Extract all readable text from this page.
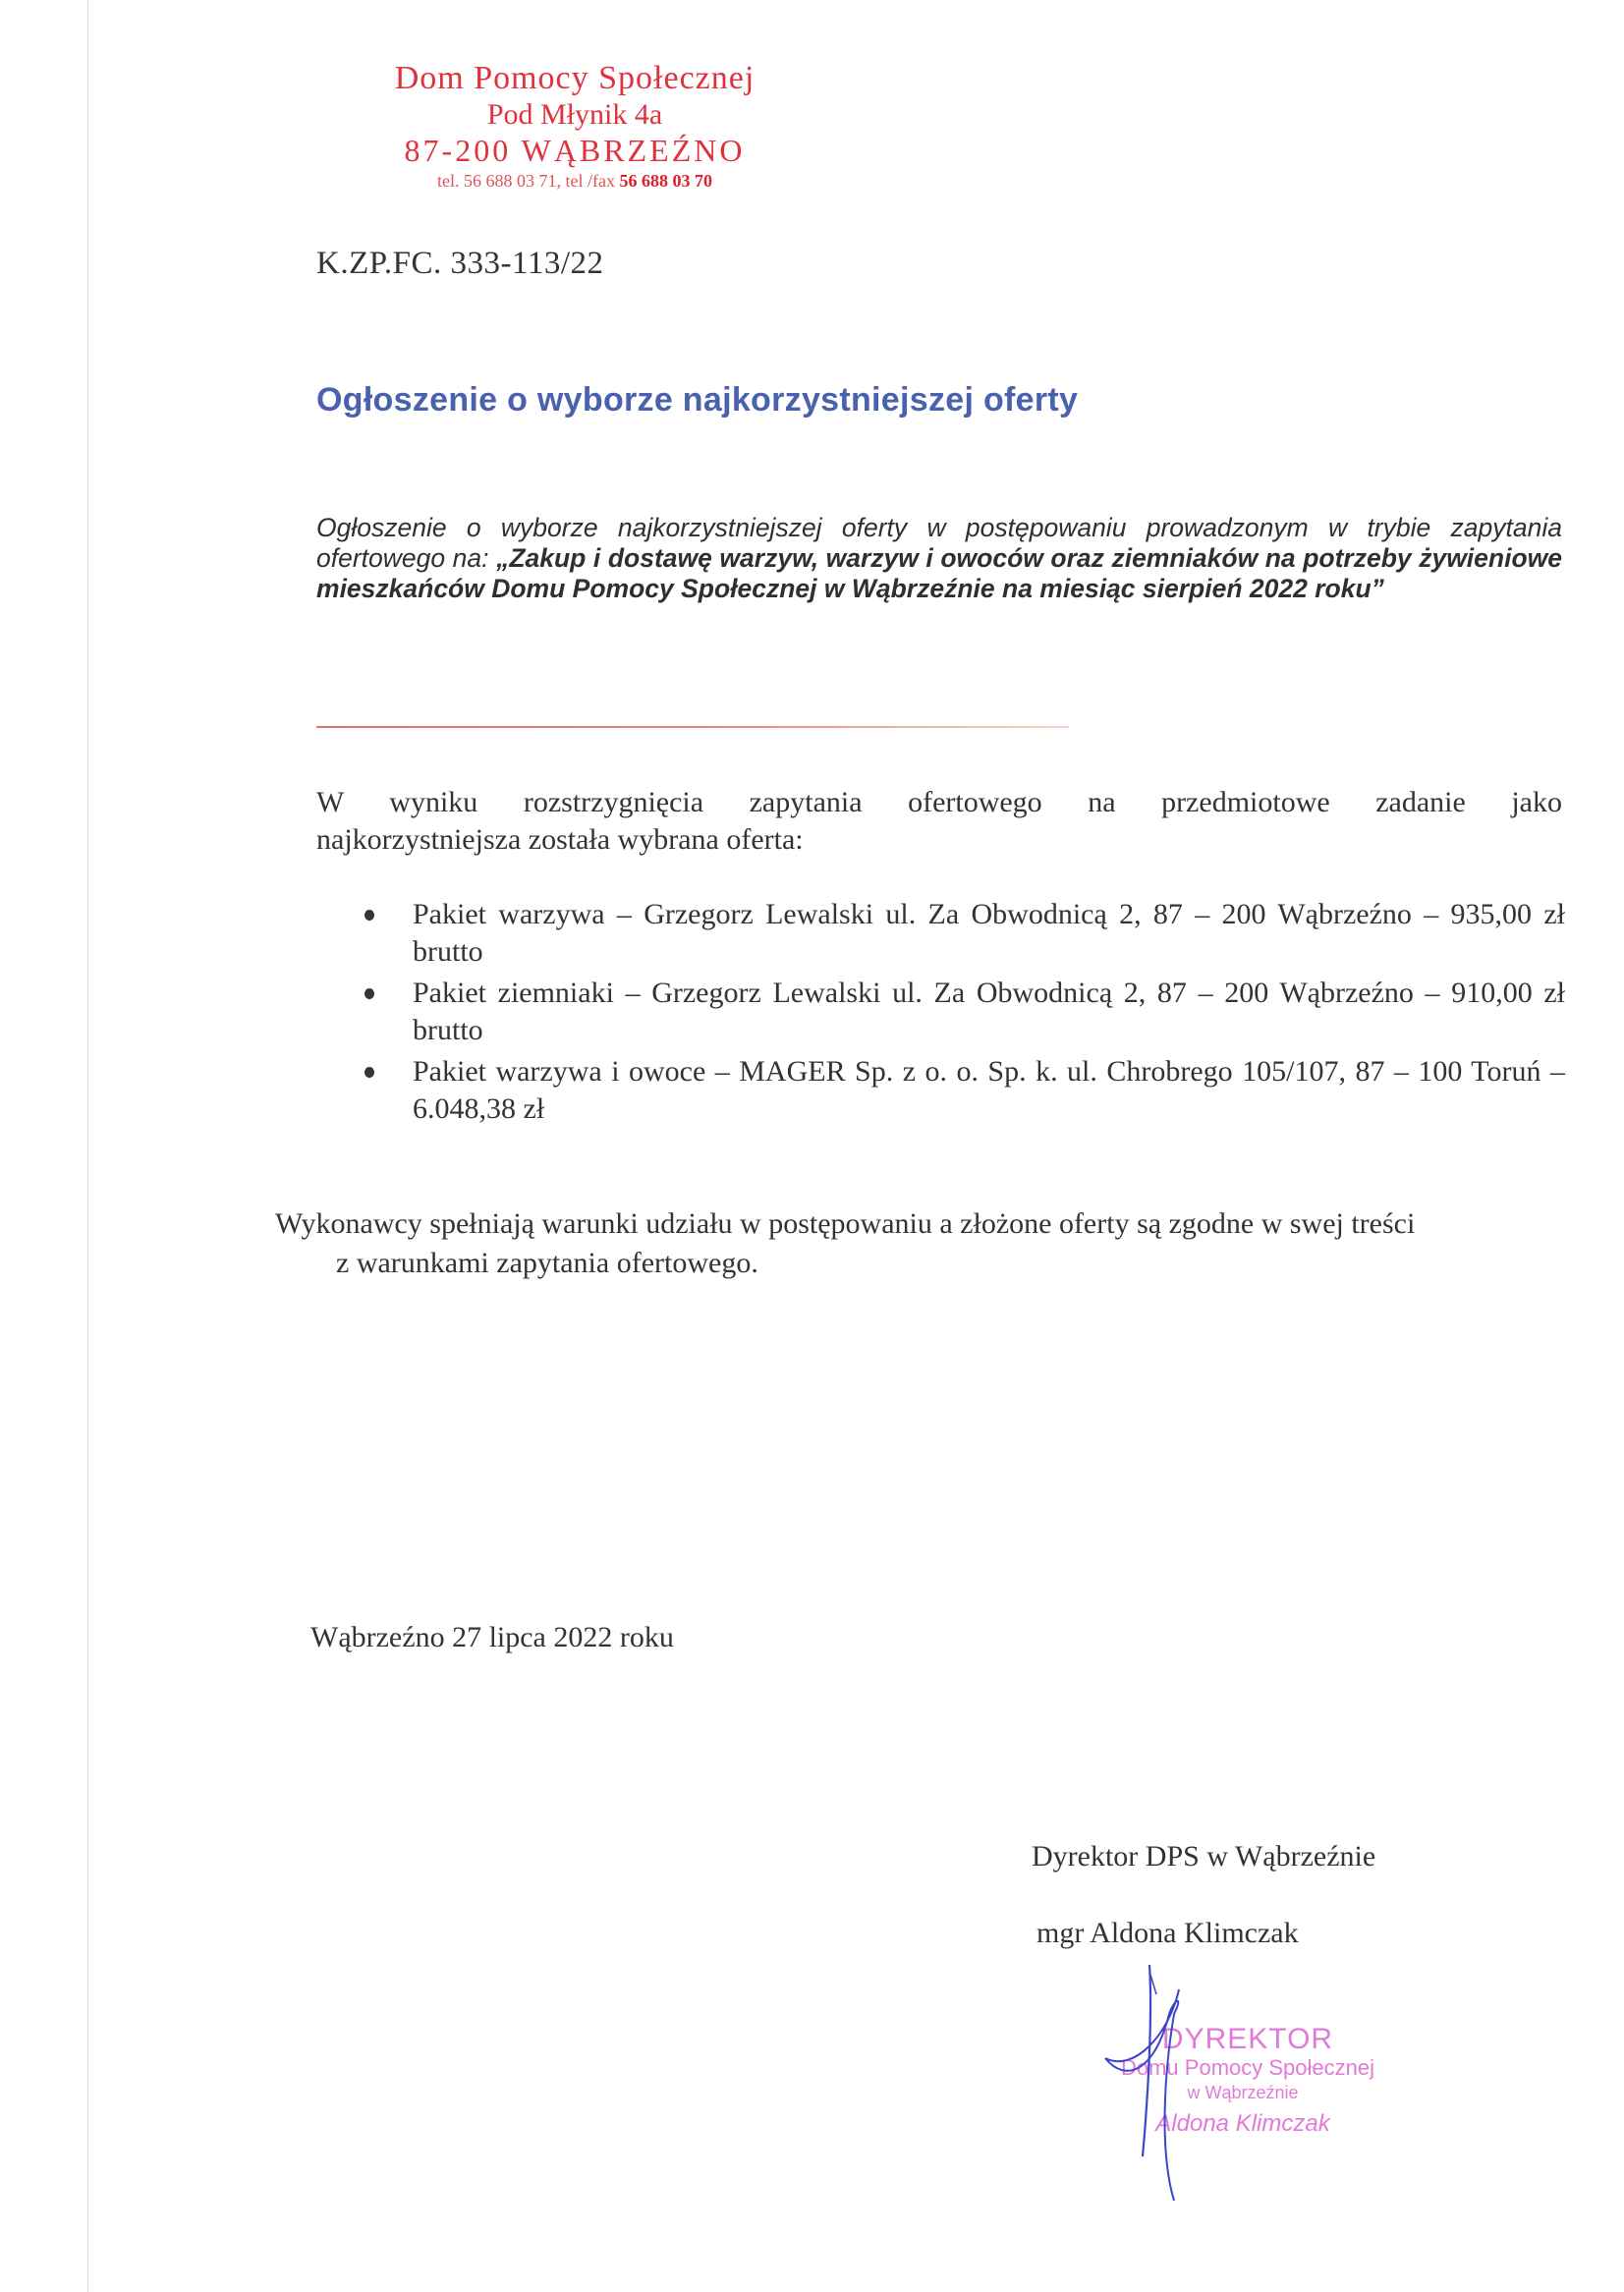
Dom Pomocy Społecznej
Pod Młynik 4a
87-200 WĄBRZEŹNO
tel. 56 688 03 71, tel /fax 56 688 03 70
K.ZP.FC. 333-113/22
Ogłoszenie o wyborze najkorzystniejszej oferty

Ogłoszenie o wyborze najkorzystniejszej oferty w postępowaniu prowadzonym w trybie zapytania ofertowego na: „Zakup i dostawę warzyw, warzyw i owoców oraz ziemniaków na potrzeby żywieniowe mieszkańców Domu Pomocy Społecznej w Wąbrzeźnie na miesiąc sierpień 2022 roku”

W wyniku rozstrzygnięcia zapytania ofertowego na przedmiotowe zadanie jako
najkorzystniejsza została wybrana oferta:

Pakiet warzywa – Grzegorz Lewalski ul. Za Obwodnicą 2, 87 – 200 Wąbrzeźno – 935,00 zł brutto
Pakiet ziemniaki – Grzegorz Lewalski ul. Za Obwodnicą 2, 87 – 200 Wąbrzeźno – 910,00 zł brutto
Pakiet warzywa i owoce – MAGER Sp. z o. o. Sp. k. ul. Chrobrego 105/107, 87 – 100 Toruń – 6.048,38 zł

Wykonawcy spełniają warunki udziału w postępowaniu a złożone oferty są zgodne w swej treści
z warunkami zapytania ofertowego.

Wąbrzeźno 27 lipca 2022 roku
Dyrektor DPS w Wąbrzeźnie
mgr Aldona Klimczak
DYREKTOR
Domu Pomocy Społecznej
w Wąbrzeźnie
Aldona Klimczak
